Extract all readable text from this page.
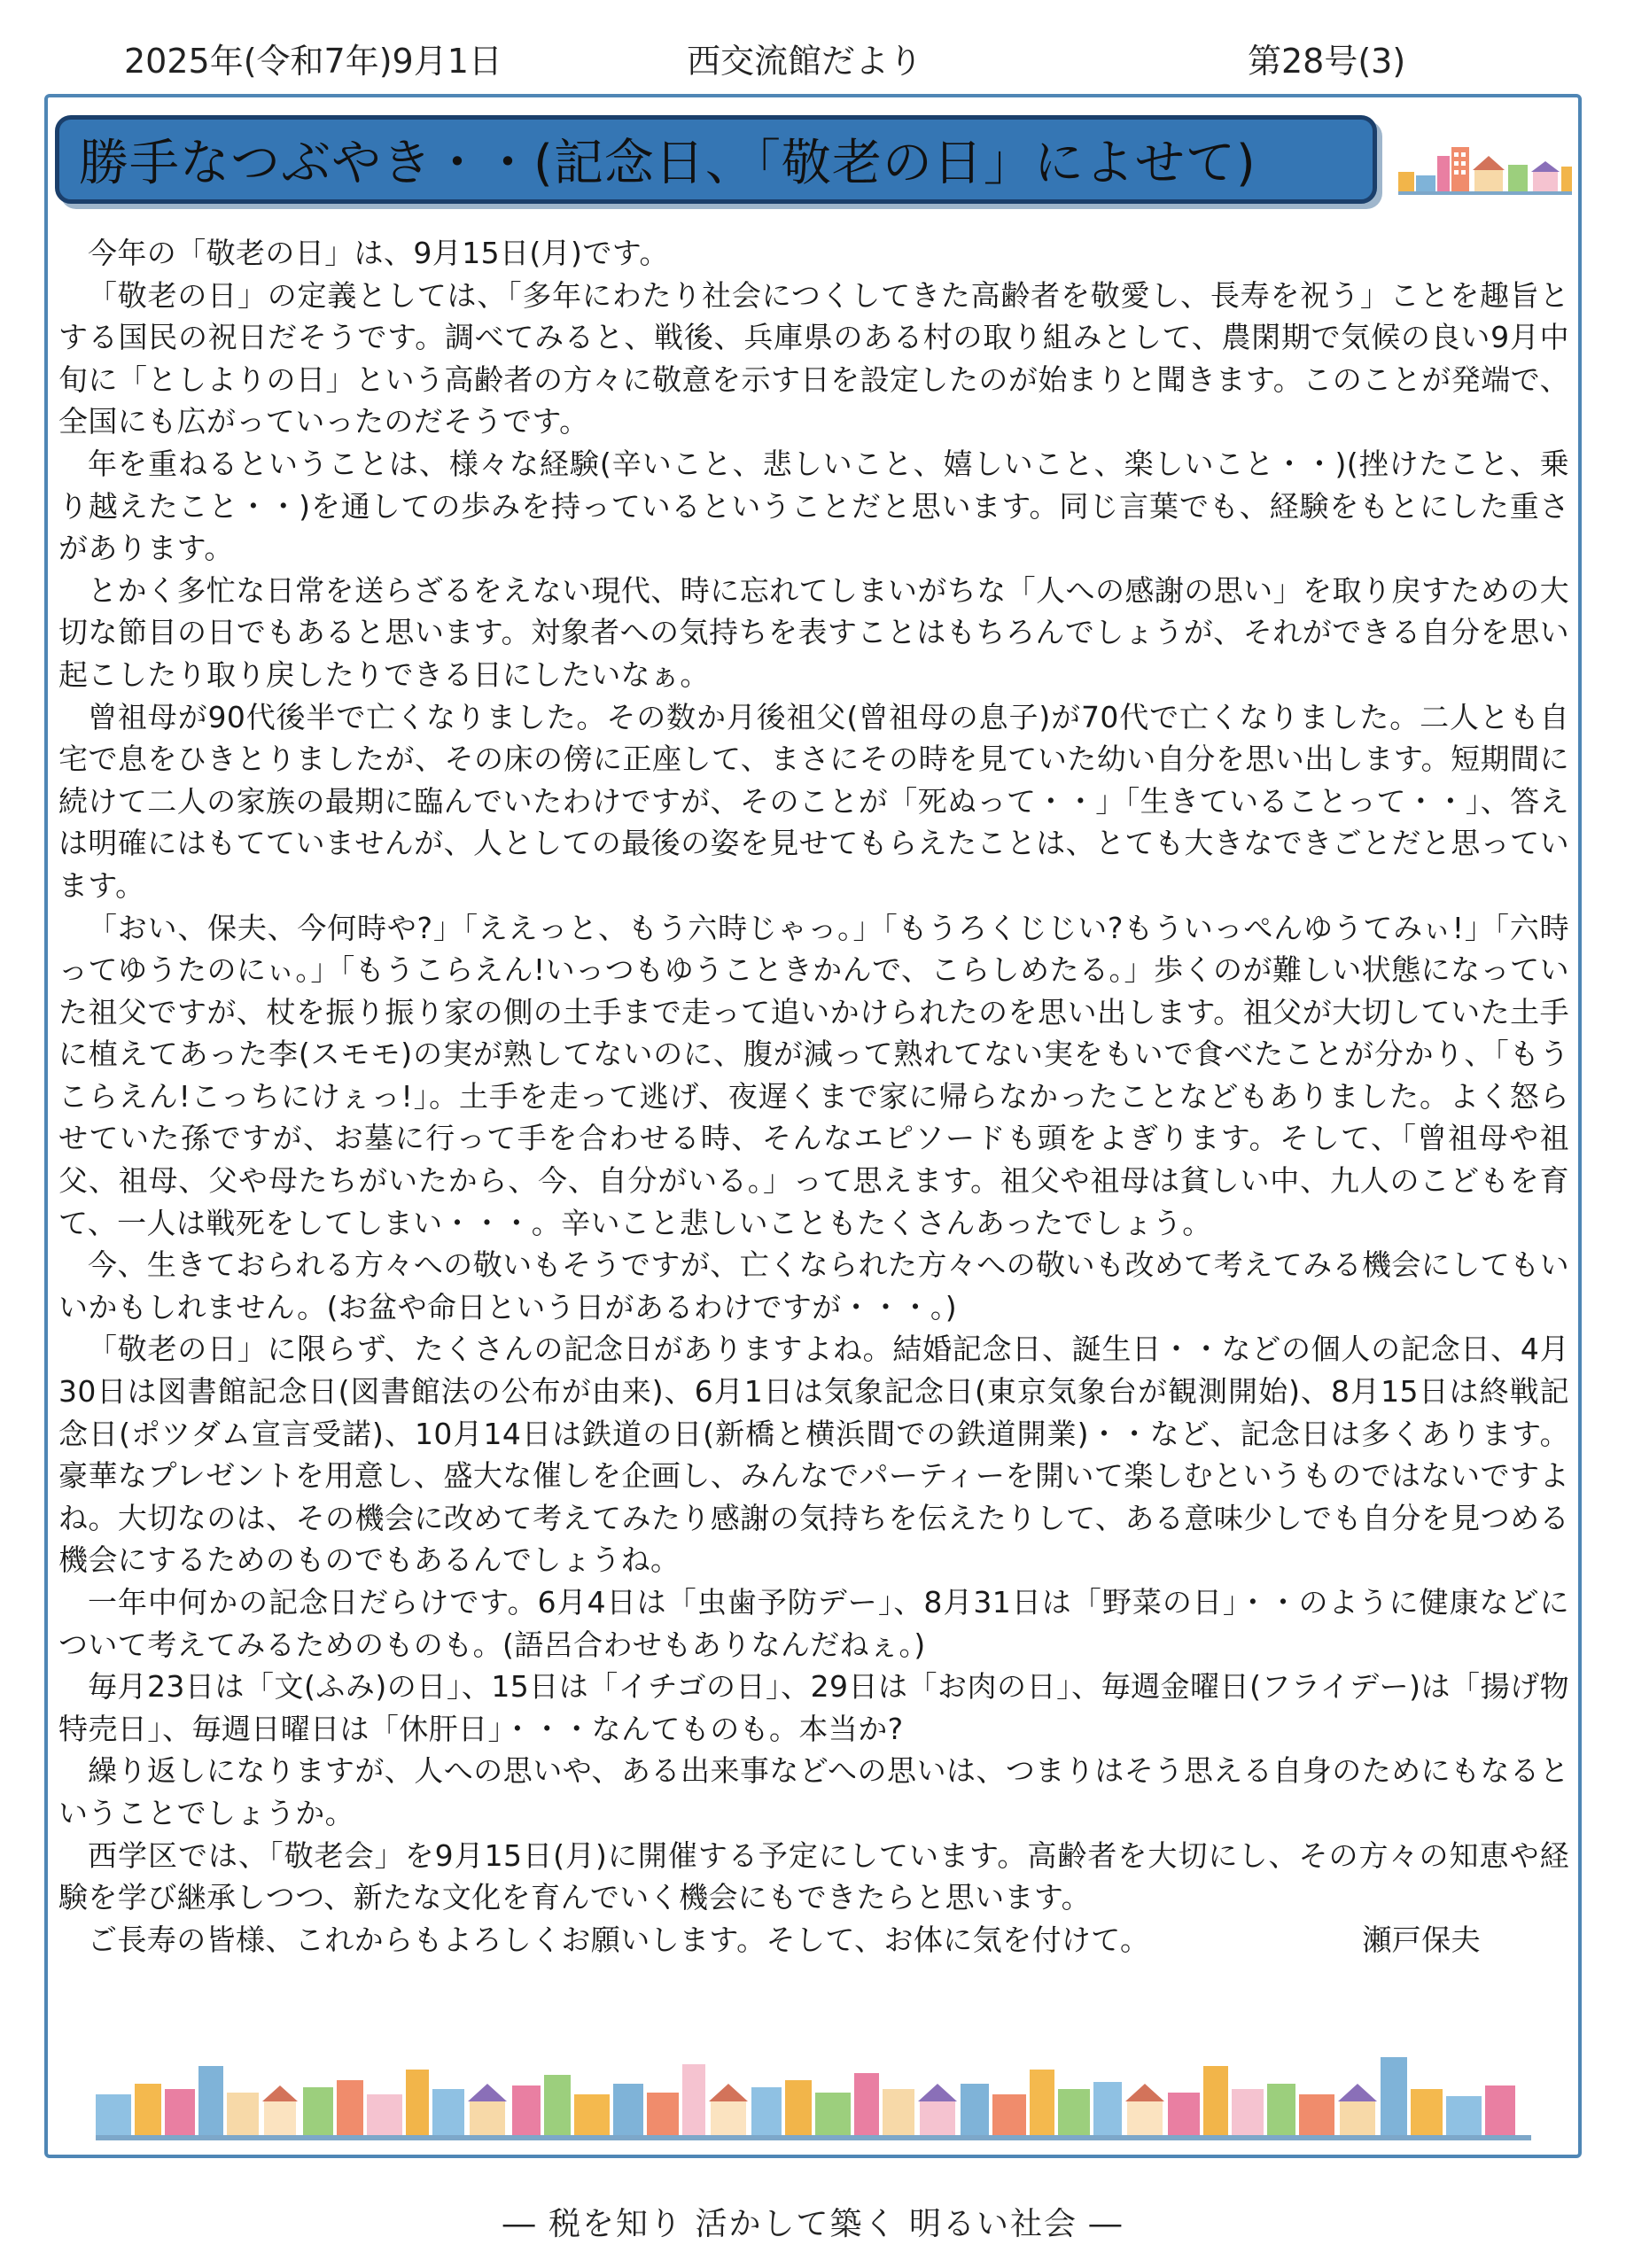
2025年(令和7年)9月1日	西交流館だより	第28号(3)
勝手なつぶやき・・(記念日、「敬老の日」によせて)

今年の「敬老の日」は、9月15日(月)です。

「敬老の日」の定義としては、「多年にわたり社会につくしてきた高齢者を敬愛し、長寿を祝う」ことを趣旨とする国民の祝日だそうです。調べてみると、戦後、兵庫県のある村の取り組みとして、農閑期で気候の良い9月中旬に「としよりの日」という高齢者の方々に敬意を示す日を設定したのが始まりと聞きます。このことが発端で、全国にも広がっていったのだそうです。

年を重ねるということは、様々な経験(辛いこと、悲しいこと、嬉しいこと、楽しいこと・・)(挫けたこと、乗り越えたこと・・)を通しての歩みを持っているということだと思います。同じ言葉でも、経験をもとにした重さがあります。

とかく多忙な日常を送らざるをえない現代、時に忘れてしまいがちな「人への感謝の思い」を取り戻すための大切な節目の日でもあると思います。対象者への気持ちを表すことはもちろんでしょうが、それができる自分を思い起こしたり取り戻したりできる日にしたいなぁ。

曾祖母が90代後半で亡くなりました。その数か月後祖父(曾祖母の息子)が70代で亡くなりました。二人とも自宅で息をひきとりましたが、その床の傍に正座して、まさにその時を見ていた幼い自分を思い出します。短期間に続けて二人の家族の最期に臨んでいたわけですが、そのことが「死ぬって・・」「生きていることって・・」、答えは明確にはもてていませんが、人としての最後の姿を見せてもらえたことは、とても大きなできごとだと思っています。

「おい、保夫、今何時や?」「ええっと、もう六時じゃっ。」「もうろくじじい?もういっぺんゆうてみぃ!」「六時ってゆうたのにぃ。」「もうこらえん!いっつもゆうこときかんで、こらしめたる。」歩くのが難しい状態になっていた祖父ですが、杖を振り振り家の側の土手まで走って追いかけられたのを思い出します。祖父が大切していた土手に植えてあった李(スモモ)の実が熟してないのに、腹が減って熟れてない実をもいで食べたことが分かり、「もうこらえん!こっちにけぇっ!」。土手を走って逃げ、夜遅くまで家に帰らなかったことなどもありました。よく怒らせていた孫ですが、お墓に行って手を合わせる時、そんなエピソードも頭をよぎります。そして、「曾祖母や祖父、祖母、父や母たちがいたから、今、自分がいる。」って思えます。祖父や祖母は貧しい中、九人のこどもを育て、一人は戦死をしてしまい・・・。辛いこと悲しいこともたくさんあったでしょう。

今、生きておられる方々への敬いもそうですが、亡くなられた方々への敬いも改めて考えてみる機会にしてもいいかもしれません。(お盆や命日という日があるわけですが・・・。)

「敬老の日」に限らず、たくさんの記念日がありますよね。結婚記念日、誕生日・・などの個人の記念日、4月30日は図書館記念日(図書館法の公布が由来)、6月1日は気象記念日(東京気象台が観測開始)、8月15日は終戦記念日(ポツダム宣言受諾)、10月14日は鉄道の日(新橋と横浜間での鉄道開業)・・など、記念日は多くあります。豪華なプレゼントを用意し、盛大な催しを企画し、みんなでパーティーを開いて楽しむというものではないですよね。大切なのは、その機会に改めて考えてみたり感謝の気持ちを伝えたりして、ある意味少しでも自分を見つめる機会にするためのものでもあるんでしょうね。

一年中何かの記念日だらけです。6月4日は「虫歯予防デー」、8月31日は「野菜の日」・・のように健康などについて考えてみるためのものも。(語呂合わせもありなんだねぇ。)

毎月23日は「文(ふみ)の日」、15日は「イチゴの日」、29日は「お肉の日」、毎週金曜日(フライデー)は「揚げ物特売日」、毎週日曜日は「休肝日」・・・なんてものも。本当か?

繰り返しになりますが、人への思いや、ある出来事などへの思いは、つまりはそう思える自身のためにもなるということでしょうか。

西学区では、「敬老会」を9月15日(月)に開催する予定にしています。高齢者を大切にし、その方々の知恵や経験を学び継承しつつ、新たな文化を育んでいく機会にもできたらと思います。

ご長寿の皆様、これからもよろしくお願いします。そして、お体に気を付けて。	瀬戸保夫
― 税を知り 活かして築く 明るい社会 ―
